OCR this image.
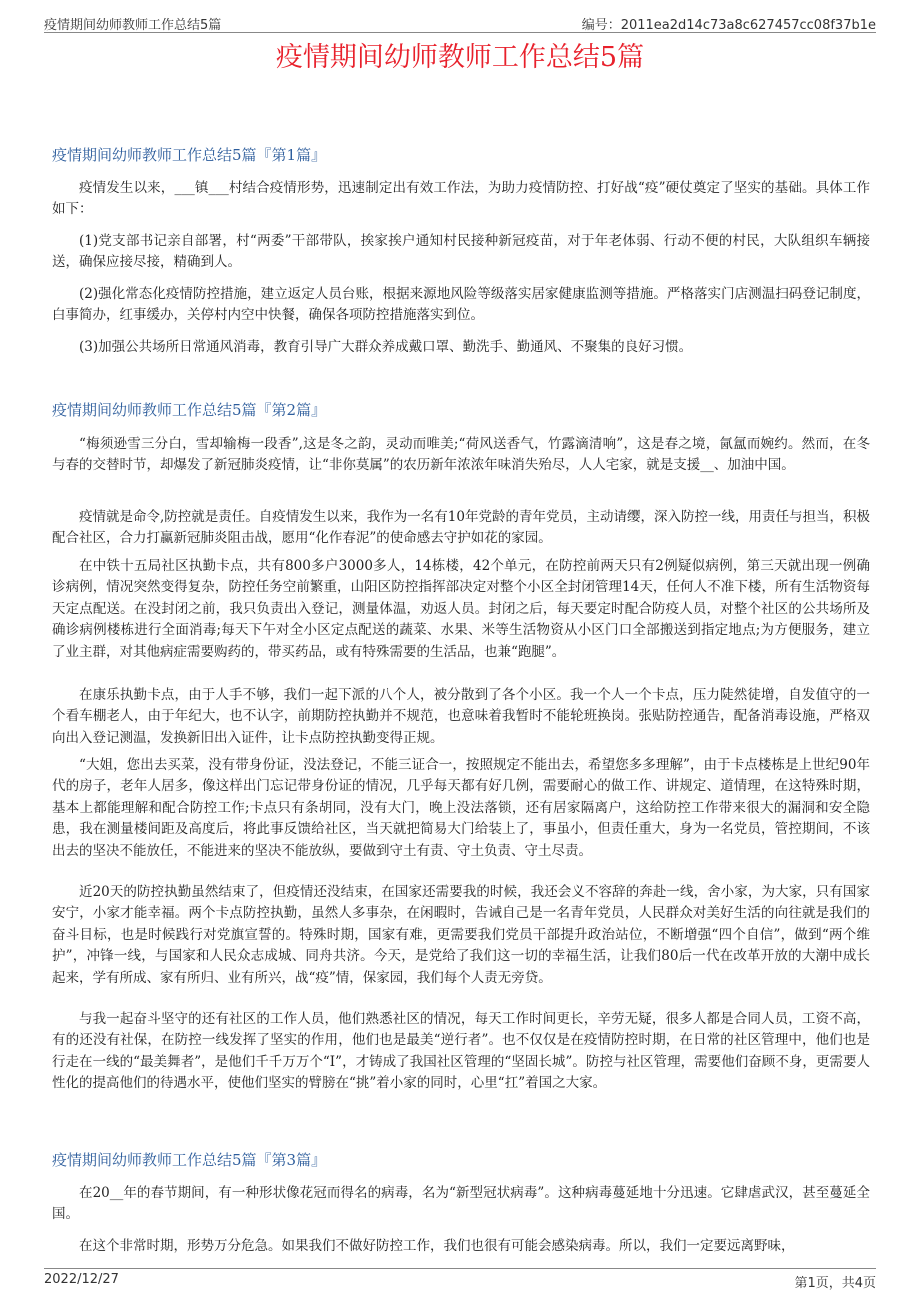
疫情期间幼师教师工作总结5篇	编号：2011ea2d14c73a8c627457cc08f37b1e
疫情期间幼师教师工作总结5篇
疫情期间幼师教师工作总结5篇『第1篇』

疫情发生以来，___镇___村结合疫情形势，迅速制定出有效工作法，为助力疫情防控、打好战“疫”硬仗奠定了坚实的基础。具体工作如下：

(1)党支部书记亲自部署，村“两委”干部带队，挨家挨户通知村民接种新冠疫苗，对于年老体弱、行动不便的村民，大队组织车辆接送，确保应接尽接，精确到人。

(2)强化常态化疫情防控措施，建立返定人员台账，根据来源地风险等级落实居家健康监测等措施。严格落实门店测温扫码登记制度，白事简办，红事缓办，关停村内空中快餐，确保各项防控措施落实到位。

(3)加强公共场所日常通风消毒，教育引导广大群众养成戴口罩、勤洗手、勤通风、不聚集的良好习惯。

疫情期间幼师教师工作总结5篇『第2篇』

“梅须逊雪三分白，雪却输梅一段香”,这是冬之韵，灵动而唯美;“荷风送香气，竹露滴清响”，这是春之境，氤氲而婉约。然而，在冬与春的交替时节，却爆发了新冠肺炎疫情，让“非你莫属”的农历新年浓浓年味消失殆尽，人人宅家，就是支援__、加油中国。

疫情就是命令,防控就是责任。自疫情发生以来，我作为一名有10年党龄的青年党员，主动请缨，深入防控一线，用责任与担当，积极配合社区，合力打赢新冠肺炎阻击战，愿用“化作春泥”的使命感去守护如花的家园。

在中铁十五局社区执勤卡点，共有800多户3000多人，14栋楼，42个单元，在防控前两天只有2例疑似病例，第三天就出现一例确诊病例，情况突然变得复杂，防控任务空前繁重，山阳区防控指挥部决定对整个小区全封闭管理14天，任何人不准下楼，所有生活物资每天定点配送。在没封闭之前，我只负责出入登记，测量体温，劝返人员。封闭之后，每天要定时配合防疫人员，对整个社区的公共场所及确诊病例楼栋进行全面消毒;每天下午对全小区定点配送的蔬菜、水果、米等生活物资从小区门口全部搬送到指定地点;为方便服务，建立了业主群，对其他病症需要购药的，带买药品，或有特殊需要的生活品，也兼“跑腿”。

在康乐执勤卡点，由于人手不够，我们一起下派的八个人，被分散到了各个小区。我一个人一个卡点，压力陡然徒增，自发值守的一个看车棚老人，由于年纪大，也不认字，前期防控执勤并不规范，也意味着我暂时不能轮班换岗。张贴防控通告，配备消毒设施，严格双向出入登记测温，发换新旧出入证件，让卡点防控执勤变得正规。

“大姐，您出去买菜，没有带身份证，没法登记，不能三证合一，按照规定不能出去，希望您多多理解”，由于卡点楼栋是上世纪90年代的房子，老年人居多，像这样出门忘记带身份证的情况，几乎每天都有好几例，需要耐心的做工作、讲规定、道情理，在这特殊时期，基本上都能理解和配合防控工作;卡点只有条胡同，没有大门，晚上没法落锁，还有居家隔离户，这给防控工作带来很大的漏洞和安全隐患，我在测量楼间距及高度后，将此事反馈给社区，当天就把简易大门给装上了，事虽小，但责任重大，身为一名党员，管控期间，不该出去的坚决不能放任，不能进来的坚决不能放纵，要做到守土有责、守土负责、守土尽责。

近20天的防控执勤虽然结束了，但疫情还没结束，在国家还需要我的时候，我还会义不容辞的奔赴一线，舍小家，为大家，只有国家安宁，小家才能幸福。两个卡点防控执勤，虽然人多事杂，在闲暇时，告诫自己是一名青年党员，人民群众对美好生活的向往就是我们的奋斗目标，也是时候践行对党旗宣誓的。特殊时期，国家有难，更需要我们党员干部提升政治站位，不断增强“四个自信”，做到“两个维护”，冲锋一线，与国家和人民众志成城、同舟共济。今天，是党给了我们这一切的幸福生活，让我们80后一代在改革开放的大潮中成长起来，学有所成、家有所归、业有所兴，战“疫”情，保家园，我们每个人责无旁贷。

与我一起奋斗坚守的还有社区的工作人员，他们熟悉社区的情况，每天工作时间更长，辛劳无疑，很多人都是合同人员，工资不高，有的还没有社保，在防控一线发挥了坚实的作用，他们也是最美“逆行者”。也不仅仅是在疫情防控时期，在日常的社区管理中，他们也是行走在一线的“最美舞者”，是他们千千万万个“I”，才铸成了我国社区管理的“坚固长城”。防控与社区管理，需要他们奋顾不身，更需要人性化的提高他们的待遇水平，使他们坚实的臂膀在“挑”着小家的同时，心里“扛”着国之大家。

疫情期间幼师教师工作总结5篇『第3篇』

在20__年的春节期间，有一种形状像花冠而得名的病毒，名为“新型冠状病毒”。这种病毒蔓延地十分迅速。它肆虐武汉，甚至蔓延全国。

在这个非常时期，形势万分危急。如果我们不做好防控工作，我们也很有可能会感染病毒。所以，我们一定要远离野味，

2022/12/27	第1页，共4页
